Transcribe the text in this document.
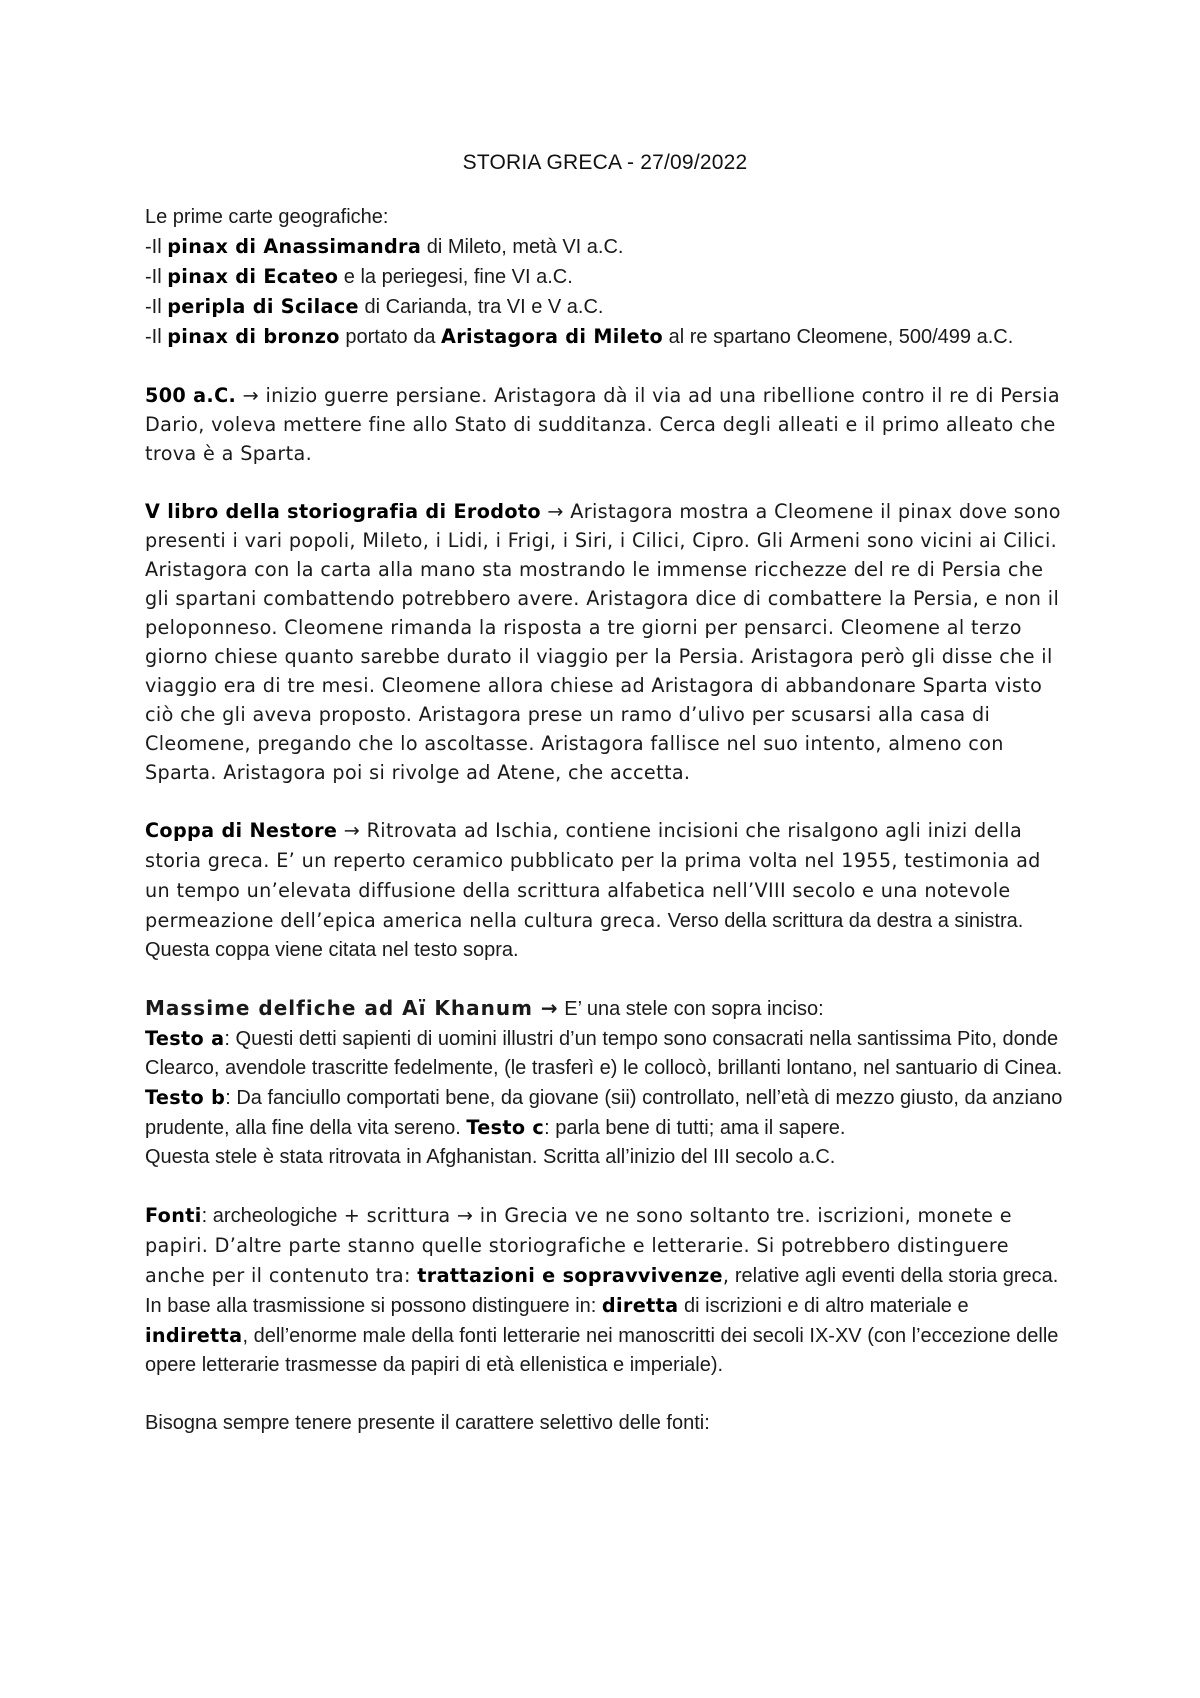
STORIA GRECA - 27/09/2022

Le prime carte geografiche:

-Il pinax di Anassimandra di Mileto, metà VI a.C.

-Il pinax di Ecateo e la periegesi, fine VI a.C.

-Il peripla di Scilace di Carianda, tra VI e V a.C.

-Il pinax di bronzo portato da Aristagora di Mileto al re spartano Cleomene, 500/499 a.C.

500 a.C. → inizio guerre persiane. Aristagora dà il via ad una ribellione contro il re di Persia Dario, voleva mettere fine allo Stato di sudditanza. Cerca degli alleati e il primo alleato che trova è a Sparta.

V libro della storiografia di Erodoto → Aristagora mostra a Cleomene il pinax dove sono presenti i vari popoli, Mileto, i Lidi, i Frigi, i Siri, i Cilici, Cipro. Gli Armeni sono vicini ai Cilici. Aristagora con la carta alla mano sta mostrando le immense ricchezze del re di Persia che gli spartani combattendo potrebbero avere. Aristagora dice di combattere la Persia, e non il peloponneso. Cleomene rimanda la risposta a tre giorni per pensarci. Cleomene al terzo giorno chiese quanto sarebbe durato il viaggio per la Persia. Aristagora però gli disse che il viaggio era di tre mesi. Cleomene allora chiese ad Aristagora di abbandonare Sparta visto ciò che gli aveva proposto. Aristagora prese un ramo d’ulivo per scusarsi alla casa di Cleomene, pregando che lo ascoltasse. Aristagora fallisce nel suo intento, almeno con Sparta. Aristagora poi si rivolge ad Atene, che accetta.

Coppa di Nestore → Ritrovata ad Ischia, contiene incisioni che risalgono agli inizi della storia greca. E’ un reperto ceramico pubblicato per la prima volta nel 1955, testimonia ad un tempo un’elevata diffusione della scrittura alfabetica nell’VIII secolo e una notevole permeazione dell’epica america nella cultura greca. Verso della scrittura da destra a sinistra. Questa coppa viene citata nel testo sopra.

Massime delfiche ad Aï Khanum → E’ una stele con sopra inciso:

Testo a: Questi detti sapienti di uomini illustri d’un tempo sono consacrati nella santissima Pito, donde Clearco, avendole trascritte fedelmente, (le trasferì e) le collocò, brillanti lontano, nel santuario di Cinea. Testo b: Da fanciullo comportati bene, da giovane (sii) controllato, nell’età di mezzo giusto, da anziano prudente, alla fine della vita sereno. Testo c: parla bene di tutti; ama il sapere.

Questa stele è stata ritrovata in Afghanistan. Scritta all’inizio del III secolo a.C.

Fonti: archeologiche + scrittura → in Grecia ve ne sono soltanto tre. iscrizioni, monete e papiri. D’altre parte stanno quelle storiografiche e letterarie. Si potrebbero distinguere anche per il contenuto tra: trattazioni e sopravvivenze, relative agli eventi della storia greca.

In base alla trasmissione si possono distinguere in: diretta di iscrizioni e di altro materiale e indiretta, dell’enorme male della fonti letterarie nei manoscritti dei secoli IX-XV (con l’eccezione delle opere letterarie trasmesse da papiri di età ellenistica e imperiale).

Bisogna sempre tenere presente il carattere selettivo delle fonti:
